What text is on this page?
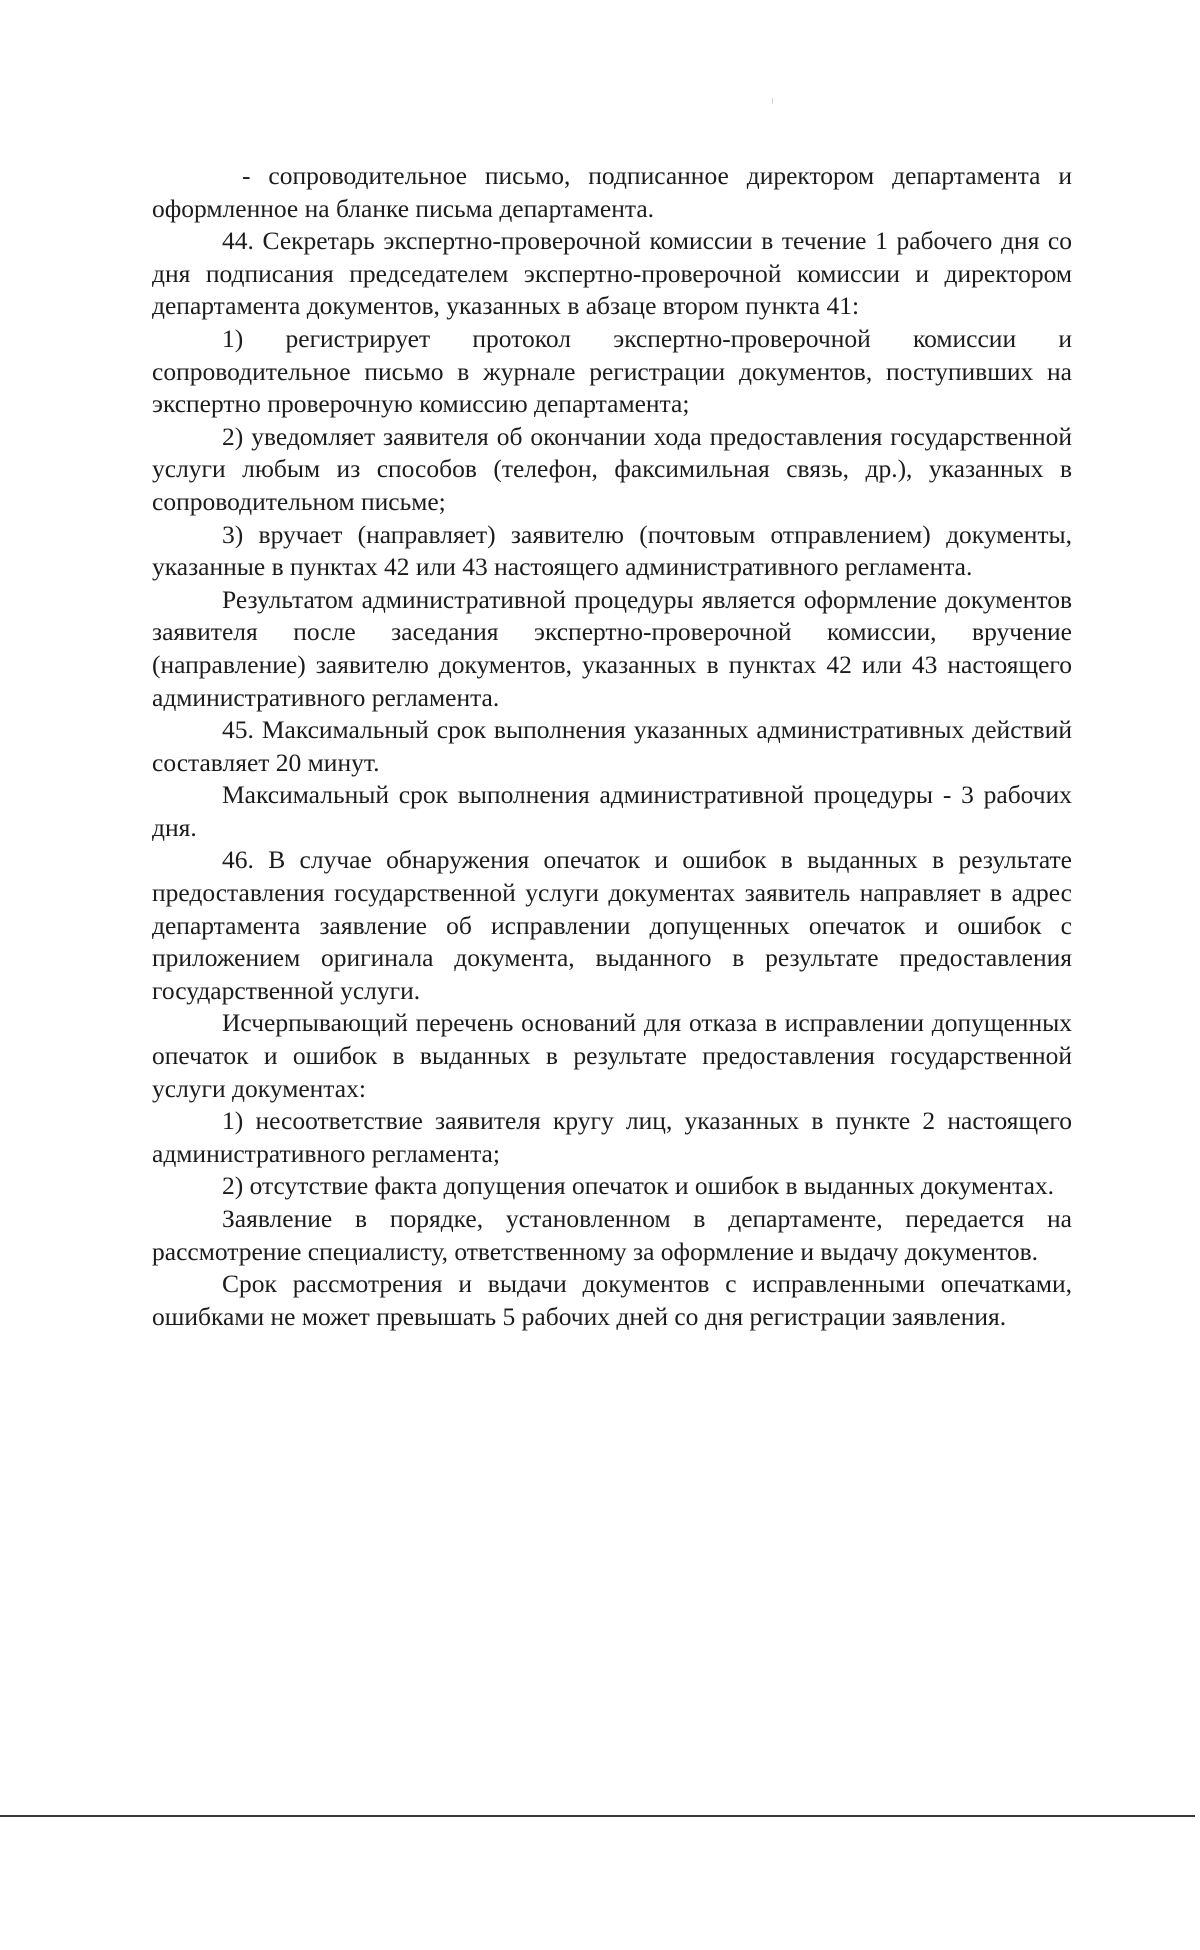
- сопроводительное письмо, подписанное директором департамента и оформленное на бланке письма департамента.

44. Секретарь экспертно-проверочной комиссии в течение 1 рабочего дня со дня подписания председателем экспертно-проверочной комиссии и директором департамента документов, указанных в абзаце втором пункта 41:

1) регистрирует протокол экспертно-проверочной комиссии и сопроводительное письмо в журнале регистрации документов, поступивших на экспертно проверочную комиссию департамента;

2) уведомляет заявителя об окончании хода предоставления государственной услуги любым из способов (телефон, факсимильная связь, др.), указанных в сопроводительном письме;

3) вручает (направляет) заявителю (почтовым отправлением) документы, указанные в пунктах 42 или 43 настоящего административного регламента.

Результатом административной процедуры является оформление документов заявителя после заседания экспертно-проверочной комиссии, вручение (направление) заявителю документов, указанных в пунктах 42 или 43 настоящего административного регламента.

45. Максимальный срок выполнения указанных административных действий составляет 20 минут.

Максимальный срок выполнения административной процедуры - 3 рабочих дня.

46. В случае обнаружения опечаток и ошибок в выданных в результате предоставления государственной услуги документах заявитель направляет в адрес департамента заявление об исправлении допущенных опечаток и ошибок с приложением оригинала документа, выданного в результате предоставления государственной услуги.

Исчерпывающий перечень оснований для отказа в исправлении допущенных опечаток и ошибок в выданных в результате предоставления государственной услуги документах:

1) несоответствие заявителя кругу лиц, указанных в пункте 2 настоящего административного регламента;

2) отсутствие факта допущения опечаток и ошибок в выданных документах.

Заявление в порядке, установленном в департаменте, передается на рассмотрение специалисту, ответственному за оформление и выдачу документов.

Срок рассмотрения и выдачи документов с исправленными опечатками, ошибками не может превышать 5 рабочих дней со дня регистрации заявления.
